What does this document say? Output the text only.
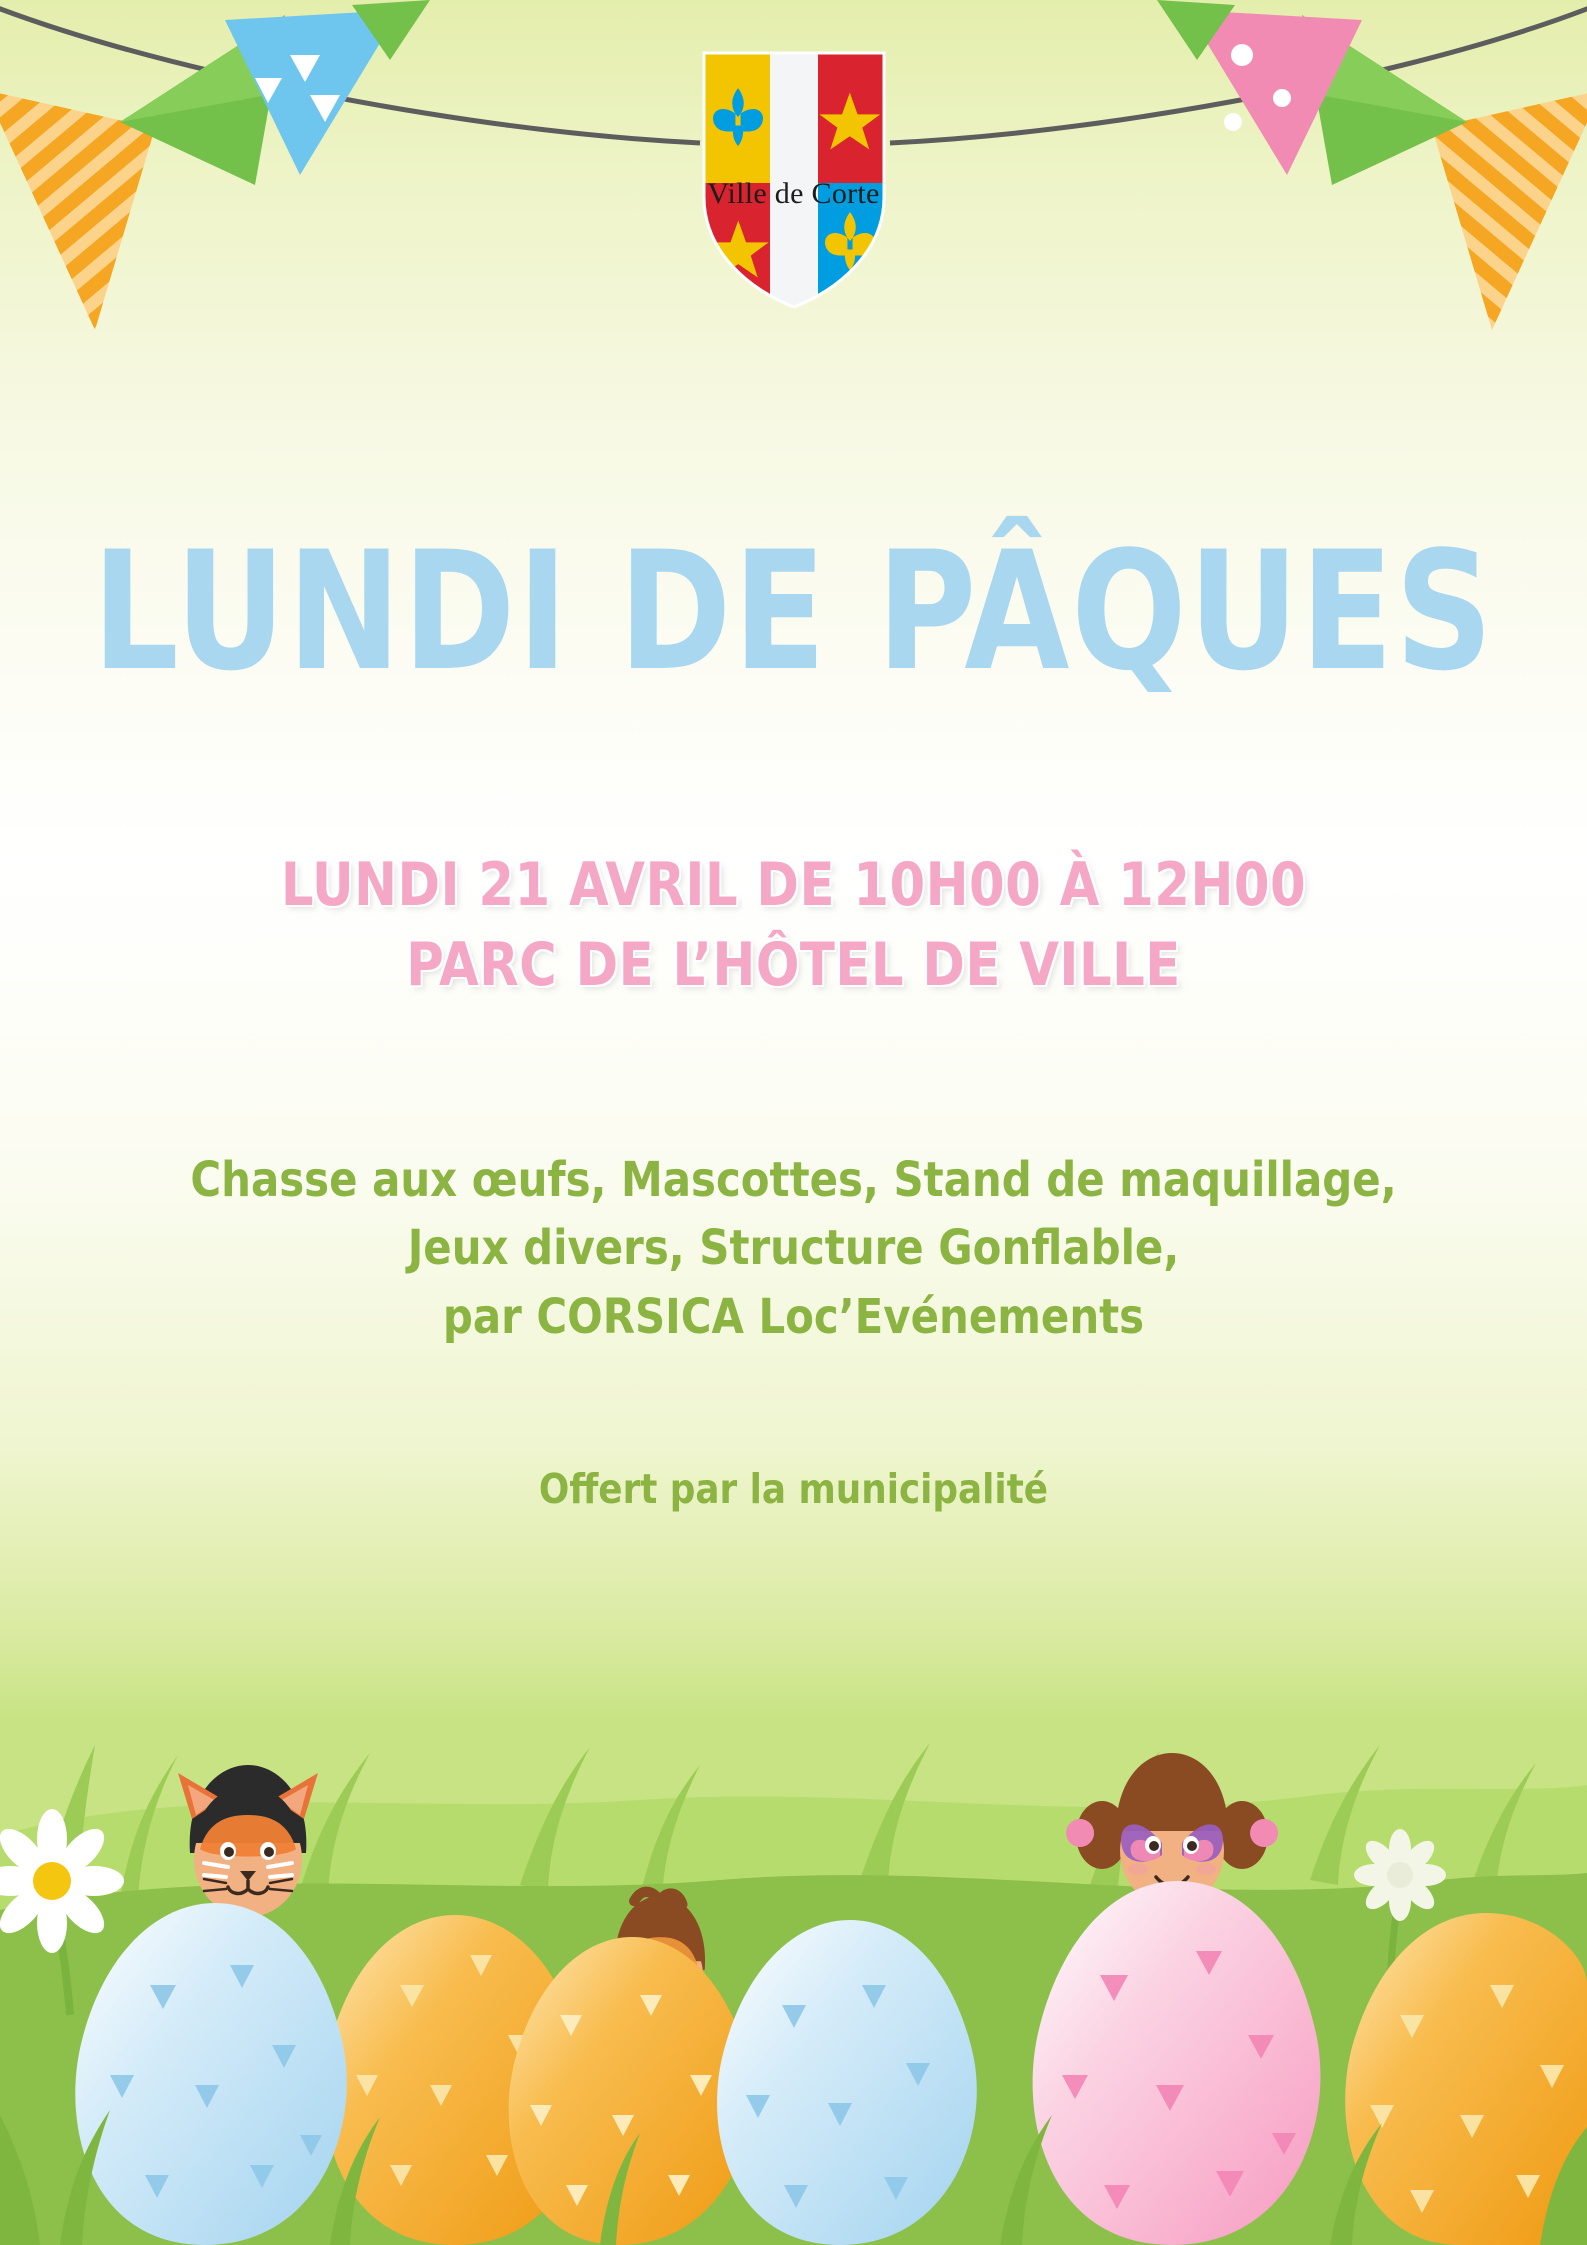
Ville de Corte
LUNDI DE PÂQUES
LUNDI 21 AVRIL DE 10H00 À 12H00
PARC DE L’HÔTEL DE VILLE
Chasse aux œufs, Mascottes, Stand de maquillage,
Jeux divers, Structure Gonflable,
par CORSICA Loc’Evénements
Offert par la municipalité
